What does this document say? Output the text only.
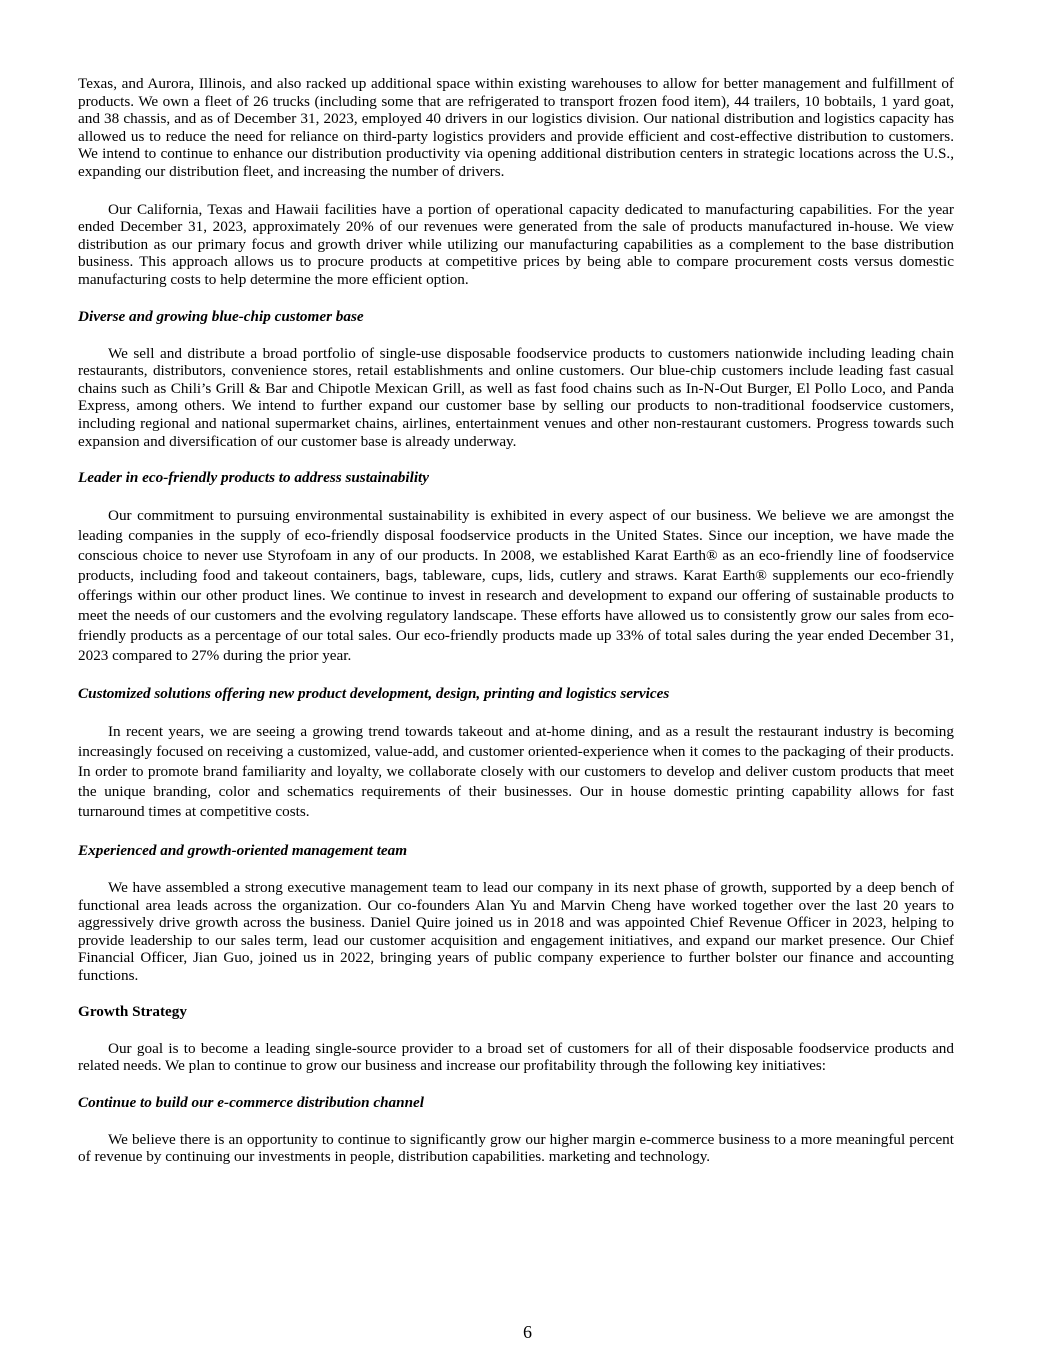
Texas, and Aurora, Illinois, and also racked up additional space within existing warehouses to allow for better management and fulfillment of products. We own a fleet of 26 trucks (including some that are refrigerated to transport frozen food item), 44 trailers, 10 bobtails, 1 yard goat, and 38 chassis, and as of December 31, 2023, employed 40 drivers in our logistics division. Our national distribution and logistics capacity has allowed us to reduce the need for reliance on third-party logistics providers and provide efficient and cost-effective distribution to customers. We intend to continue to enhance our distribution productivity via opening additional distribution centers in strategic locations across the U.S., expanding our distribution fleet, and increasing the number of drivers.

Our California, Texas and Hawaii facilities have a portion of operational capacity dedicated to manufacturing capabilities. For the year ended December 31, 2023, approximately 20% of our revenues were generated from the sale of products manufactured in-house. We view distribution as our primary focus and growth driver while utilizing our manufacturing capabilities as a complement to the base distribution business. This approach allows us to procure products at competitive prices by being able to compare procurement costs versus domestic manufacturing costs to help determine the more efficient option.

Diverse and growing blue-chip customer base

We sell and distribute a broad portfolio of single-use disposable foodservice products to customers nationwide including leading chain restaurants, distributors, convenience stores, retail establishments and online customers. Our blue-chip customers include leading fast casual chains such as Chili’s Grill & Bar and Chipotle Mexican Grill, as well as fast food chains such as In-N-Out Burger, El Pollo Loco, and Panda Express, among others. We intend to further expand our customer base by selling our products to non-traditional foodservice customers, including regional and national supermarket chains, airlines, entertainment venues and other non-restaurant customers. Progress towards such expansion and diversification of our customer base is already underway.

Leader in eco-friendly products to address sustainability

Our commitment to pursuing environmental sustainability is exhibited in every aspect of our business. We believe we are amongst the leading companies in the supply of eco-friendly disposal foodservice products in the United States. Since our inception, we have made the conscious choice to never use Styrofoam in any of our products. In 2008, we established Karat Earth® as an eco-friendly line of foodservice products, including food and takeout containers, bags, tableware, cups, lids, cutlery and straws. Karat Earth® supplements our eco-friendly offerings within our other product lines. We continue to invest in research and development to expand our offering of sustainable products to meet the needs of our customers and the evolving regulatory landscape. These efforts have allowed us to consistently grow our sales from eco-friendly products as a percentage of our total sales. Our eco-friendly products made up 33% of total sales during the year ended December 31, 2023 compared to 27% during the prior year.

Customized solutions offering new product development, design, printing and logistics services

In recent years, we are seeing a growing trend towards takeout and at-home dining, and as a result the restaurant industry is becoming increasingly focused on receiving a customized, value-add, and customer oriented-experience when it comes to the packaging of their products. In order to promote brand familiarity and loyalty, we collaborate closely with our customers to develop and deliver custom products that meet the unique branding, color and schematics requirements of their businesses. Our in house domestic printing capability allows for fast turnaround times at competitive costs.

Experienced and growth-oriented management team

We have assembled a strong executive management team to lead our company in its next phase of growth, supported by a deep bench of functional area leads across the organization. Our co-founders Alan Yu and Marvin Cheng have worked together over the last 20 years to aggressively drive growth across the business. Daniel Quire joined us in 2018 and was appointed Chief Revenue Officer in 2023, helping to provide leadership to our sales term, lead our customer acquisition and engagement initiatives, and expand our market presence. Our Chief Financial Officer, Jian Guo, joined us in 2022, bringing years of public company experience to further bolster our finance and accounting functions.

Growth Strategy

Our goal is to become a leading single-source provider to a broad set of customers for all of their disposable foodservice products and related needs. We plan to continue to grow our business and increase our profitability through the following key initiatives:

Continue to build our e-commerce distribution channel

We believe there is an opportunity to continue to significantly grow our higher margin e-commerce business to a more meaningful percent of revenue by continuing our investments in people, distribution capabilities. marketing and technology.

6
